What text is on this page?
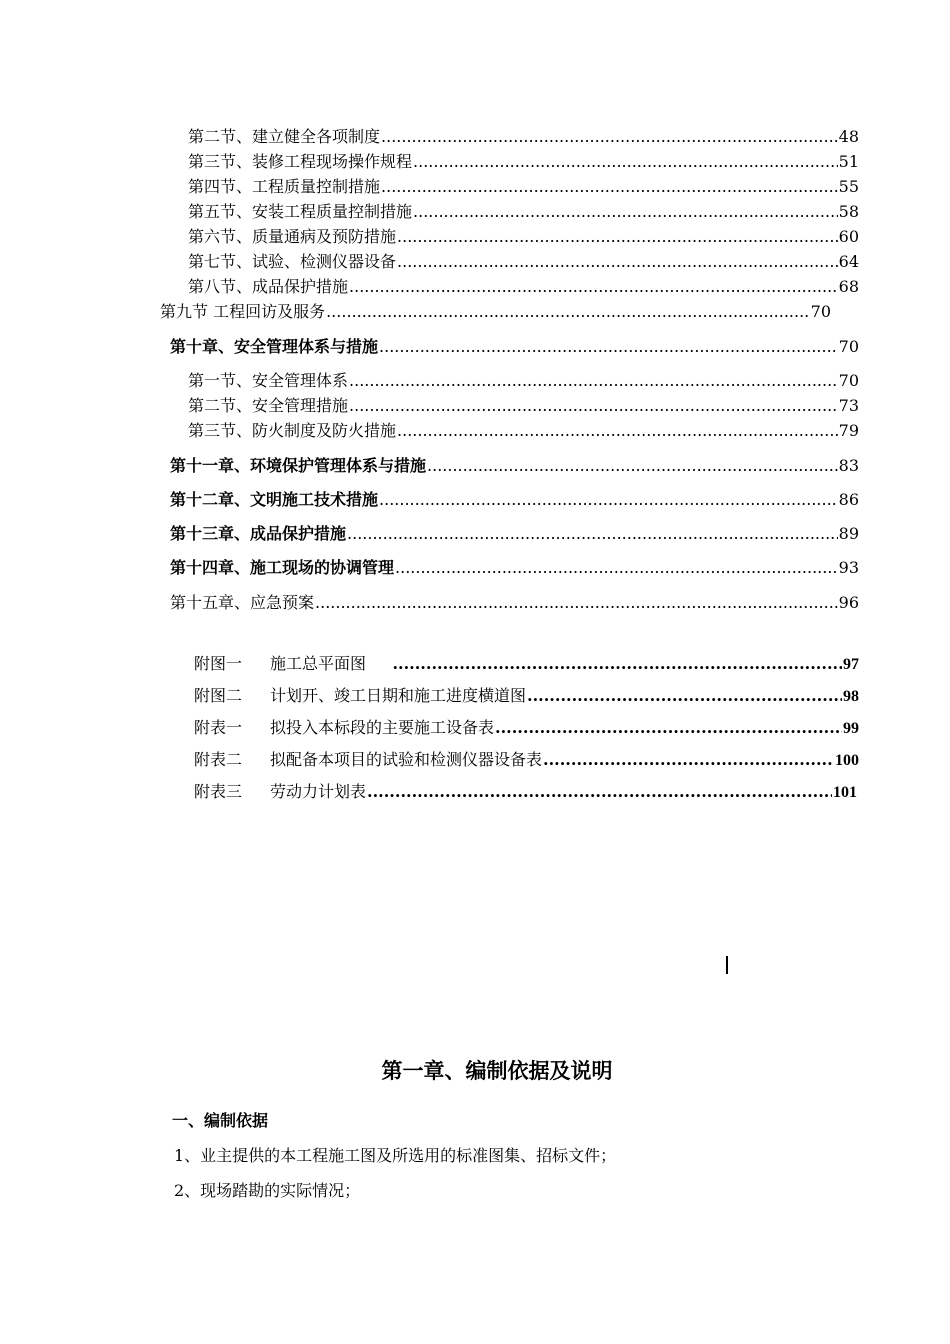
第二节、建立健全各项制度 .....	48
第三节、装修工程现场操作规程 .....	51
第四节、工程质量控制措施 .....	55
第五节、安装工程质量控制措施 .....	58
第六节、质量通病及预防措施 .....	60
第七节、试验、检测仪器设备 .....	64
第八节、成品保护措施 .....	68
第九节 工程回访及服务 .....	70
第十章、安全管理体系与措施 .....	70
第一节、安全管理体系 .....	70
第二节、安全管理措施 .....	73
第三节、防火制度及防火措施 .....	79
第十一章、环境保护管理体系与措施 .....	83
第十二章、文明施工技术措施 .....	86
第十三章、成品保护措施 .....	89
第十四章、施工现场的协调管理 .....	93
第十五章、应急预案 .....	96
附图一 施工总平面图 .....	97
附图二 计划开、竣工日期和施工进度横道图 .....	98
附表一 拟投入本标段的主要施工设备表 .....	99
附表二 拟配备本项目的试验和检测仪器设备表 .....	100
附表三 劳动力计划表 .....	101
第一章、编制依据及说明
一、编制依据
1、业主提供的本工程施工图及所选用的标准图集、招标文件；
2、现场踏勘的实际情况；
